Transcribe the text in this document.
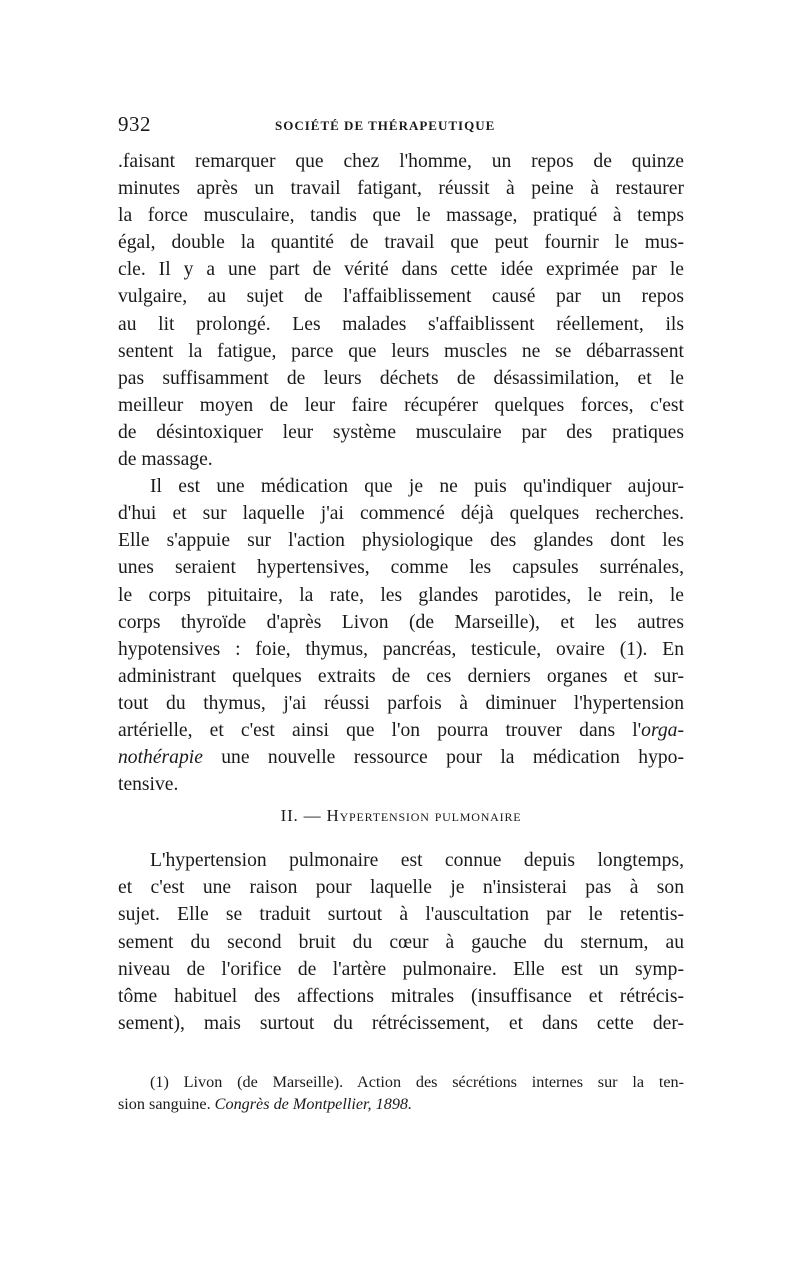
932	SOCIÉTÉ DE THÉRAPEUTIQUE
.faisant remarquer que chez l'homme, un repos de quinze
minutes après un travail fatigant, réussit à peine à restaurer
la force musculaire, tandis que le massage, pratiqué à temps
égal, double la quantité de travail que peut fournir le mus-
cle. Il y a une part de vérité dans cette idée exprimée par le
vulgaire, au sujet de l'affaiblissement causé par un repos
au lit prolongé. Les malades s'affaiblissent réellement, ils
sentent la fatigue, parce que leurs muscles ne se débarrassent
pas suffisamment de leurs déchets de désassimilation, et le
meilleur moyen de leur faire récupérer quelques forces, c'est
de désintoxiquer leur système musculaire par des pratiques
de massage.
Il est une médication que je ne puis qu'indiquer aujour-
d'hui et sur laquelle j'ai commencé déjà quelques recherches.
Elle s'appuie sur l'action physiologique des glandes dont les
unes seraient hypertensives, comme les capsules surrénales,
le corps pituitaire, la rate, les glandes parotides, le rein, le
corps thyroïde d'après Livon (de Marseille), et les autres
hypotensives : foie, thymus, pancréas, testicule, ovaire (1). En
administrant quelques extraits de ces derniers organes et sur-
tout du thymus, j'ai réussi parfois à diminuer l'hypertension
artérielle, et c'est ainsi que l'on pourra trouver dans l'orga-
nothérapie une nouvelle ressource pour la médication hypo-
tensive.
II. — Hypertension pulmonaire
L'hypertension pulmonaire est connue depuis longtemps,
et c'est une raison pour laquelle je n'insisterai pas à son
sujet. Elle se traduit surtout à l'auscultation par le retentis-
sement du second bruit du cœur à gauche du sternum, au
niveau de l'orifice de l'artère pulmonaire. Elle est un symp-
tôme habituel des affections mitrales (insuffisance et rétrécis-
sement), mais surtout du rétrécissement, et dans cette der-
(1) Livon (de Marseille). Action des sécrétions internes sur la ten-
sion sanguine. Congrès de Montpellier, 1898.
